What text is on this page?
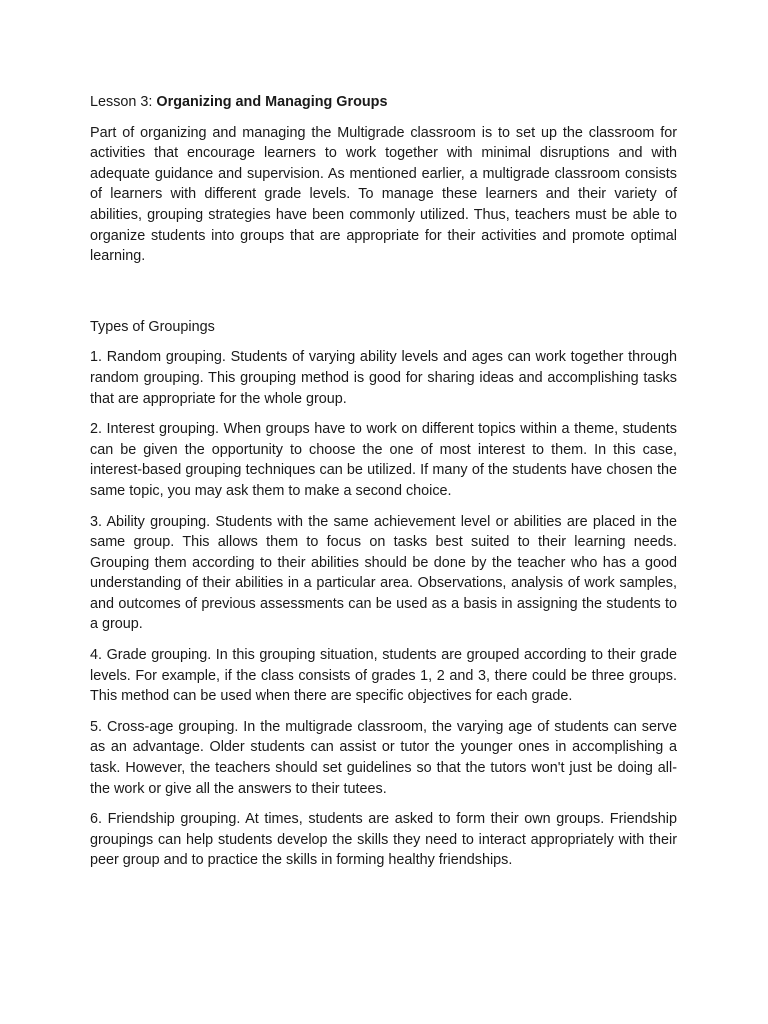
Lesson 3: Organizing and Managing Groups

Part of organizing and managing the Multigrade classroom is to set up the classroom for activities that encourage learners to work together with minimal disruptions and with adequate guidance and supervision. As mentioned earlier, a multigrade classroom consists of learners with different grade levels. To manage these learners and their variety of abilities, grouping strategies have been commonly utilized. Thus, teachers must be able to organize students into groups that are appropriate for their activities and promote optimal learning.

Types of Groupings

1. Random grouping. Students of varying ability levels and ages can work together through random grouping. This grouping method is good for sharing ideas and accomplishing tasks that are appropriate for the whole group.

2. Interest grouping. When groups have to work on different topics within a theme, students can be given the opportunity to choose the one of most interest to them. In this case, interest-based grouping techniques can be utilized. If many of the students have chosen the same topic, you may ask them to make a second choice.

3. Ability grouping. Students with the same achievement level or abilities are placed in the same group. This allows them to focus on tasks best suited to their learning needs. Grouping them according to their abilities should be done by the teacher who has a good understanding of their abilities in a particular area. Observations, analysis of work samples, and outcomes of previous assessments can be used as a basis in assigning the students to a group.

4. Grade grouping. In this grouping situation, students are grouped according to their grade levels. For example, if the class consists of grades 1, 2 and 3, there could be three groups. This method can be used when there are specific objectives for each grade.

5. Cross-age grouping. In the multigrade classroom, the varying age of students can serve as an advantage. Older students can assist or tutor the younger ones in accomplishing a task. However, the teachers should set guidelines so that the tutors won't just be doing all-the work or give all the answers to their tutees.

6. Friendship grouping. At times, students are asked to form their own groups. Friendship groupings can help students develop the skills they need to interact appropriately with their peer group and to practice the skills in forming healthy friendships.
